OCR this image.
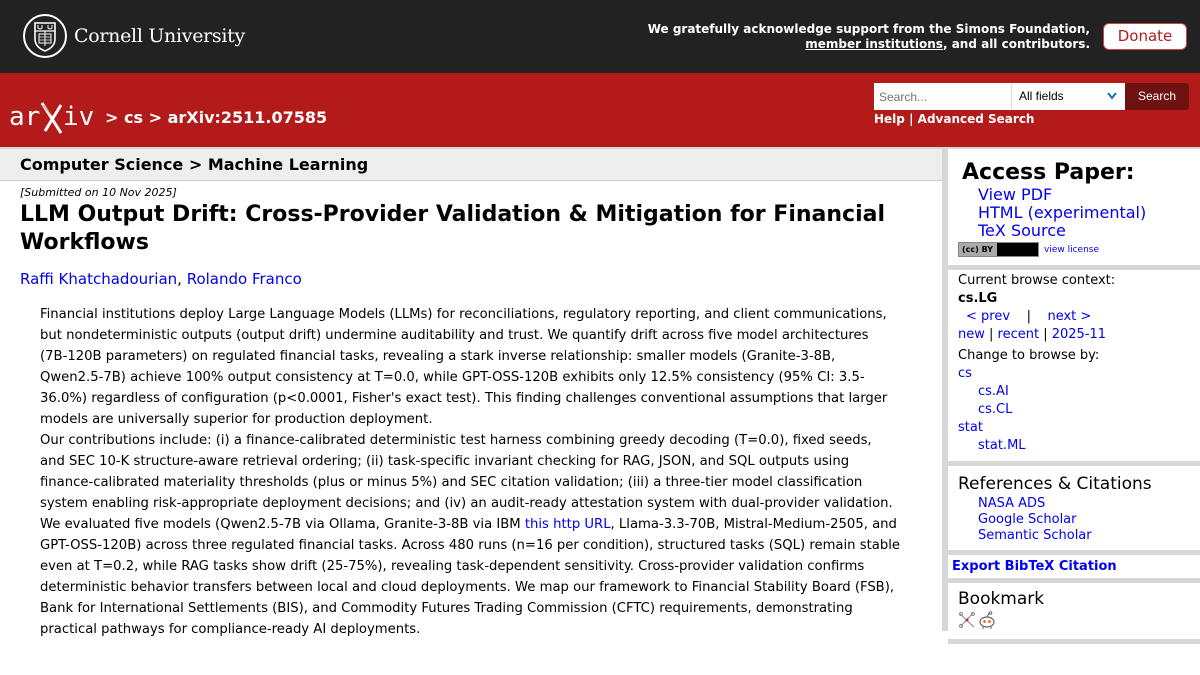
Cornell University	We gratefully acknowledge support from the Simons Foundation,
member institutions, and all contributors.	Donate
ar iv > cs > arXiv:2511.07585
Search...
All fields	Search
Help | Advanced Search
Computer Science > Machine Learning
[Submitted on 10 Nov 2025]
LLM Output Drift: Cross-Provider Validation & Mitigation for Financial Workflows
Raffi Khatchadourian, Rolando Franco
Financial institutions deploy Large Language Models (LLMs) for reconciliations, regulatory reporting, and client communications, but nondeterministic outputs (output drift) undermine auditability and trust. We quantify drift across five model architectures (7B-120B parameters) on regulated financial tasks, revealing a stark inverse relationship: smaller models (Granite-3-8B, Qwen2.5-7B) achieve 100% output consistency at T=0.0, while GPT-OSS-120B exhibits only 12.5% consistency (95% CI: 3.5-36.0%) regardless of configuration (p<0.0001, Fisher's exact test). This finding challenges conventional assumptions that larger models are universally superior for production deployment.
Our contributions include: (i) a finance-calibrated deterministic test harness combining greedy decoding (T=0.0), fixed seeds, and SEC 10-K structure-aware retrieval ordering; (ii) task-specific invariant checking for RAG, JSON, and SQL outputs using finance-calibrated materiality thresholds (plus or minus 5%) and SEC citation validation; (iii) a three-tier model classification system enabling risk-appropriate deployment decisions; and (iv) an audit-ready attestation system with dual-provider validation.
We evaluated five models (Qwen2.5-7B via Ollama, Granite-3-8B via IBM this http URL, Llama-3.3-70B, Mistral-Medium-2505, and GPT-OSS-120B) across three regulated financial tasks. Across 480 runs (n=16 per condition), structured tasks (SQL) remain stable even at T=0.2, while RAG tasks show drift (25-75%), revealing task-dependent sensitivity. Cross-provider validation confirms deterministic behavior transfers between local and cloud deployments. We map our framework to Financial Stability Board (FSB), Bank for International Settlements (BIS), and Commodity Futures Trading Commission (CFTC) requirements, demonstrating practical pathways for compliance-ready AI deployments.
Access Paper:
View PDF
HTML (experimental)
TeX Source
(cc) BY	view license
Current browse context:
cs.LG
< prev | next >
new | recent | 2025-11
Change to browse by:
cs
cs.AI
cs.CL
stat
stat.ML
References & Citations
NASA ADS
Google Scholar
Semantic Scholar
Export BibTeX Citation
Bookmark
